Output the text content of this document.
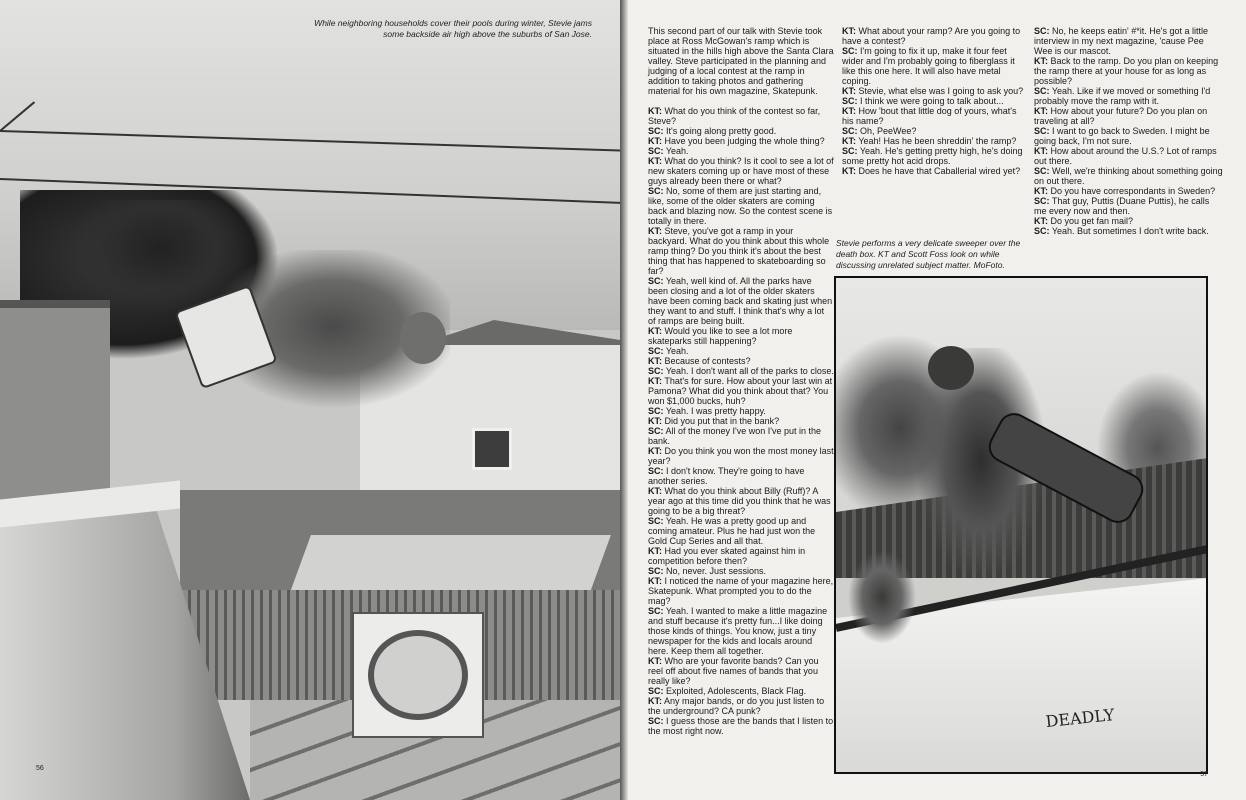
While neighboring households cover their pools during winter, Stevie jams some backside air high above the suburbs of San Jose.
56

This second part of our talk with Stevie took place at Ross McGowan's ramp which is situated in the hills high above the Santa Clara valley. Steve participated in the planning and judging of a local contest at the ramp in addition to taking photos and gathering material for his own magazine, Skatepunk.

KT: What do you think of the contest so far, Steve?

SC: It's going along pretty good.

KT: Have you been judging the whole thing?

SC: Yeah.

KT: What do you think? Is it cool to see a lot of new skaters coming up or have most of these guys already been there or what?

SC: No, some of them are just starting and, like, some of the older skaters are coming back and blazing now. So the contest scene is totally in there.

KT: Steve, you've got a ramp in your backyard. What do you think about this whole ramp thing? Do you think it's about the best thing that has happened to skateboarding so far?

SC: Yeah, well kind of. All the parks have been closing and a lot of the older skaters have been coming back and skating just when they want to and stuff. I think that's why a lot of ramps are being built.

KT: Would you like to see a lot more skateparks still happening?

SC: Yeah.

KT: Because of contests?

SC: Yeah. I don't want all of the parks to close.

KT: That's for sure. How about your last win at Pamona? What did you think about that? You won $1,000 bucks, huh?

SC: Yeah. I was pretty happy.

KT: Did you put that in the bank?

SC: All of the money I've won I've put in the bank.

KT: Do you think you won the most money last year?

SC: I don't know. They're going to have another series.

KT: What do you think about Billy (Ruff)? A year ago at this time did you think that he was going to be a big threat?

SC: Yeah. He was a pretty good up and coming amateur. Plus he had just won the Gold Cup Series and all that.

KT: Had you ever skated against him in competition before then?

SC: No, never. Just sessions.

KT: I noticed the name of your magazine here, Skatepunk. What prompted you to do the mag?

SC: Yeah. I wanted to make a little magazine and stuff because it's pretty fun...I like doing those kinds of things. You know, just a tiny newspaper for the kids and locals around here. Keep them all together.

KT: Who are your favorite bands? Can you reel off about five names of bands that you really like?

SC: Exploited, Adolescents, Black Flag.

KT: Any major bands, or do you just listen to the underground? CA punk?

SC: I guess those are the bands that I listen to the most right now.

KT: What about your ramp? Are you going to have a contest?

SC: I'm going to fix it up, make it four feet wider and I'm probably going to fiberglass it like this one here. It will also have metal coping.

KT: Stevie, what else was I going to ask you?

SC: I think we were going to talk about...

KT: How 'bout that little dog of yours, what's his name?

SC: Oh, PeeWee?

KT: Yeah! Has he been shreddin' the ramp?

SC: Yeah. He's getting pretty high, he's doing some pretty hot acid drops.

KT: Does he have that Caballerial wired yet?

SC: No, he keeps eatin' #*it. He's got a little interview in my next magazine, 'cause Pee Wee is our mascot.

KT: Back to the ramp. Do you plan on keeping the ramp there at your house for as long as possible?

SC: Yeah. Like if we moved or something I'd probably move the ramp with it.

KT: How about your future? Do you plan on traveling at all?

SC: I want to go back to Sweden. I might be going back, I'm not sure.

KT: How about around the U.S.? Lot of ramps out there.

SC: Well, we're thinking about something going on out there.

KT: Do you have correspondants in Sweden?

SC: That guy, Puttis (Duane Puttis), he calls me every now and then.

KT: Do you get fan mail?

SC: Yeah. But sometimes I don't write back.

Stevie performs a very delicate sweeper over the death box. KT and Scott Foss look on while discussing unrelated subject matter. MoFoto.
DEADLY
57
